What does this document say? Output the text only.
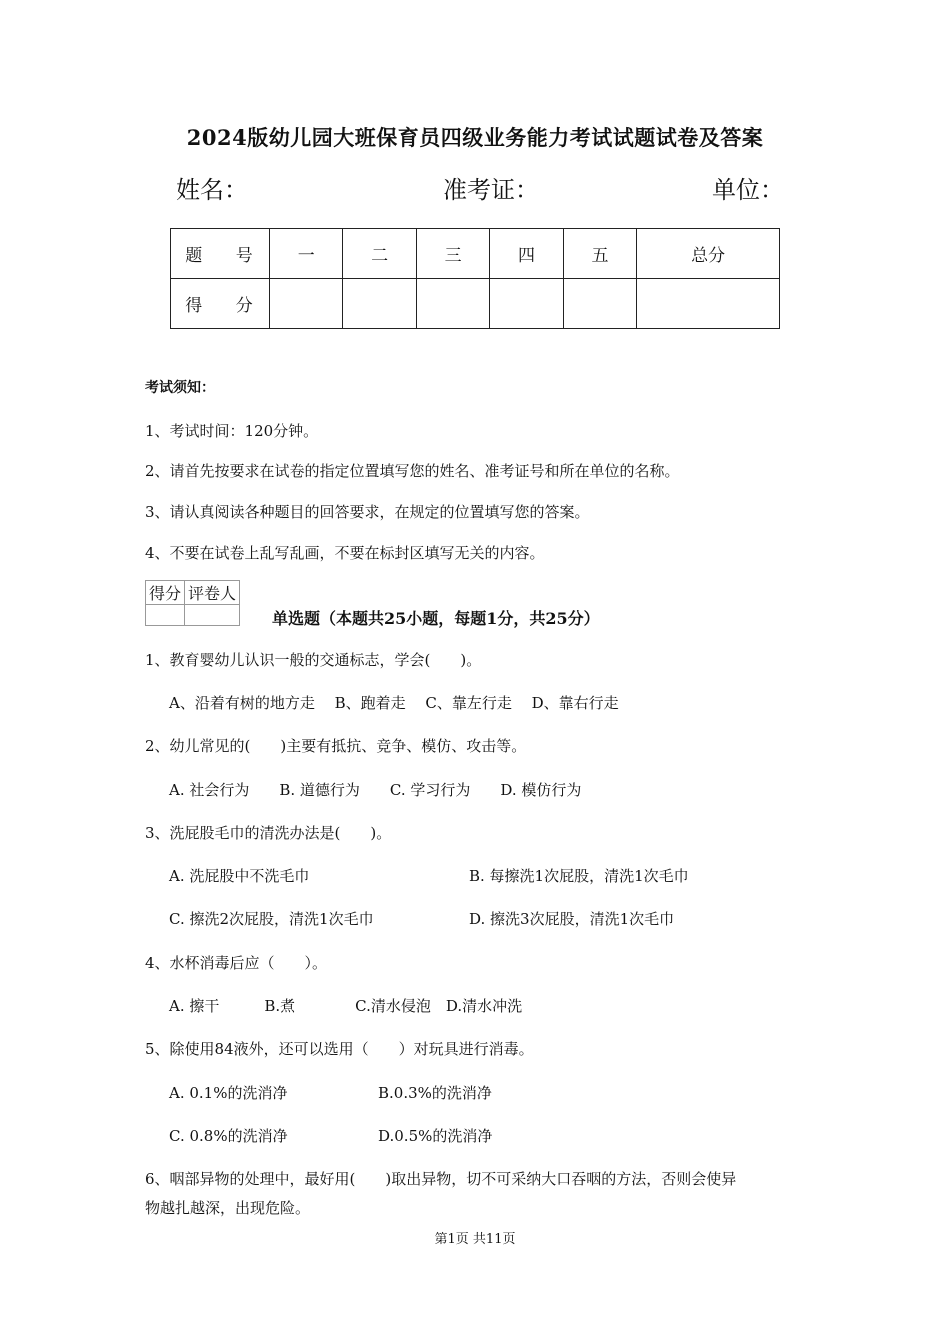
2024版幼儿园大班保育员四级业务能力考试试题试卷及答案
姓名：	准考证：	单位：
题 号	一	二	三	四	五	总分
得 分						
考试须知：
1、考试时间：120分钟。
2、请首先按要求在试卷的指定位置填写您的姓名、准考证号和所在单位的名称。
3、请认真阅读各种题目的回答要求，在规定的位置填写您的答案。
4、不要在试卷上乱写乱画，不要在标封区填写无关的内容。
得分	评卷人

单选题（本题共25小题，每题1分，共25分）
1、教育婴幼儿认识一般的交通标志，学会(　　)。
A、沿着有树的地方走　 B、跑着走　 C、靠左行走　 D、靠右行走
2、幼儿常见的(　　)主要有抵抗、竞争、模仿、攻击等。
A. 社会行为　　B. 道德行为　　C. 学习行为　　D. 模仿行为
3、洗屁股毛巾的清洗办法是(　　)。
A. 洗屁股中不洗毛巾	B. 每擦洗1次屁股，清洗1次毛巾
C. 擦洗2次屁股，清洗1次毛巾	D. 擦洗3次屁股，清洗1次毛巾
4、水杯消毒后应（　　）。
A. 擦干　　　B.煮　　　　C.清水侵泡　D.清水冲洗
5、除使用84液外，还可以选用（　　）对玩具进行消毒。
A. 0.1%的洗消净	B.0.3%的洗消净
C. 0.8%的洗消净	D.0.5%的洗消净
6、咽部异物的处理中，最好用(　　)取出异物，切不可采纳大口吞咽的方法，否则会使异
物越扎越深，出现危险。
第1页 共11页
